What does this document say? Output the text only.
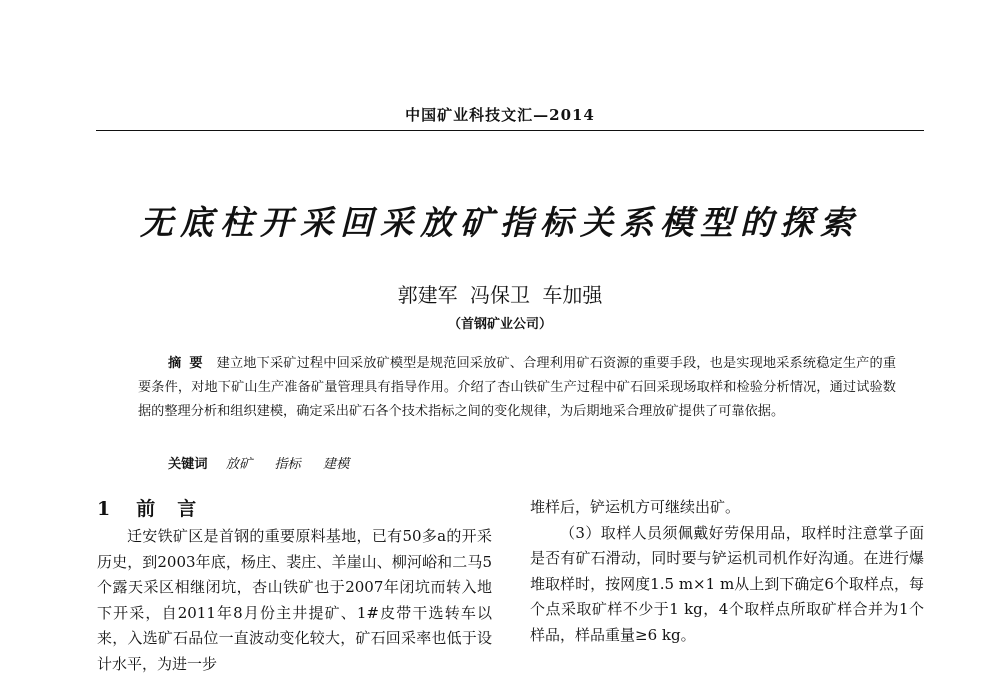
中国矿业科技文汇—2014
无底柱开采回采放矿指标关系模型的探索
郭建军 冯保卫 车加强
（首钢矿业公司）
摘要 建立地下采矿过程中回采放矿模型是规范回采放矿、合理利用矿石资源的重要手段，也是实现地采系统稳定生产的重要条件，对地下矿山生产准备矿量管理具有指导作用。介绍了杏山铁矿生产过程中矿石回采现场取样和检验分析情况，通过试验数据的整理分析和组织建模，确定采出矿石各个技术指标之间的变化规律，为后期地采合理放矿提供了可靠依据。
关键词 放矿 指标 建模
1 前言

迁安铁矿区是首钢的重要原料基地，已有50多a的开采历史，到2003年底，杨庄、裴庄、羊崖山、柳河峪和二马5个露天采区相继闭坑，杏山铁矿也于2007年闭坑而转入地下开采，自2011年8月份主井提矿、1#皮带干选转车以来，入选矿石品位一直波动变化较大，矿石回采率也低于设计水平，为进一步

堆样后，铲运机方可继续出矿。

（3）取样人员须佩戴好劳保用品，取样时注意掌子面是否有矿石滑动，同时要与铲运机司机作好沟通。在进行爆堆取样时，按网度1.5 m×1 m从上到下确定6个取样点，每个点采取矿样不少于1 kg，4个取样点所取矿样合并为1个样品，样品重量≥6 kg。
